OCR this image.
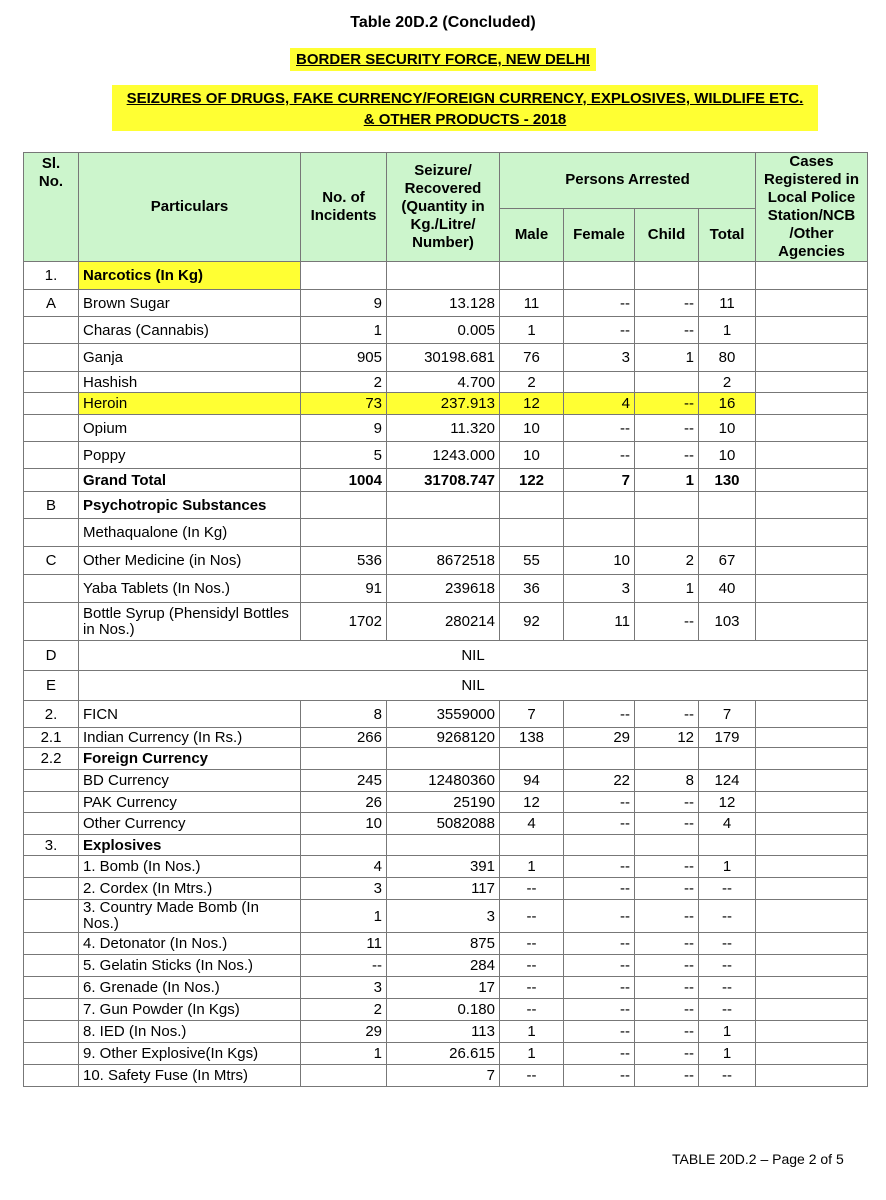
Table 20D.2 (Concluded)
BORDER SECURITY FORCE, NEW DELHI
SEIZURES OF DRUGS, FAKE CURRENCY/FOREIGN CURRENCY, EXPLOSIVES, WILDLIFE ETC.
& OTHER PRODUCTS - 2018
Sl. No.	Particulars	No. of Incidents	Seizure/ Recovered (Quantity in Kg./Litre/ Number)	Persons Arrested				Cases Registered in Local Police Station/NCB /Other Agencies
				Male	Female	Child	Total	
1.	Narcotics (In Kg)							
A	Brown Sugar	9	13.128	11	--	--	11	
	Charas (Cannabis)	1	0.005	1	--	--	1	
	Ganja	905	30198.681	76	3	1	80	
	Hashish	2	4.700	2			2	
	Heroin	73	237.913	12	4	--	16	
	Opium	9	11.320	10	--	--	10	
	Poppy	5	1243.000	10	--	--	10	
	Grand Total	1004	31708.747	122	7	1	130	
B	Psychotropic Substances							
	Methaqualone (In Kg)							
C	Other Medicine (in Nos)	536	8672518	55	10	2	67	
	Yaba Tablets (In Nos.)	91	239618	36	3	1	40	
	Bottle Syrup (Phensidyl Bottles in Nos.)	1702	280214	92	11	--	103	
D	NIL							
E	NIL							
2.	FICN	8	3559000	7	--	--	7	
2.1	Indian Currency (In Rs.)	266	9268120	138	29	12	179	
2.2	Foreign Currency							
	BD Currency	245	12480360	94	22	8	124	
	PAK Currency	26	25190	12	--	--	12	
	Other Currency	10	5082088	4	--	--	4	
3.	Explosives							
	1. Bomb (In Nos.)	4	391	1	--	--	1	
	2. Cordex (In Mtrs.)	3	117	--	--	--	--	
	3. Country Made Bomb (In Nos.)	1	3	--	--	--	--	
	4. Detonator (In Nos.)	11	875	--	--	--	--	
	5. Gelatin Sticks (In Nos.)	--	284	--	--	--	--	
	6. Grenade (In Nos.)	3	17	--	--	--	--	
	7. Gun Powder (In Kgs)	2	0.180	--	--	--	--	
	8. IED (In Nos.)	29	113	1	--	--	1	
	9. Other Explosive(In Kgs)	1	26.615	1	--	--	1	
	10. Safety Fuse (In Mtrs)		7	--	--	--	--	
TABLE 20D.2 – Page 2 of 5
